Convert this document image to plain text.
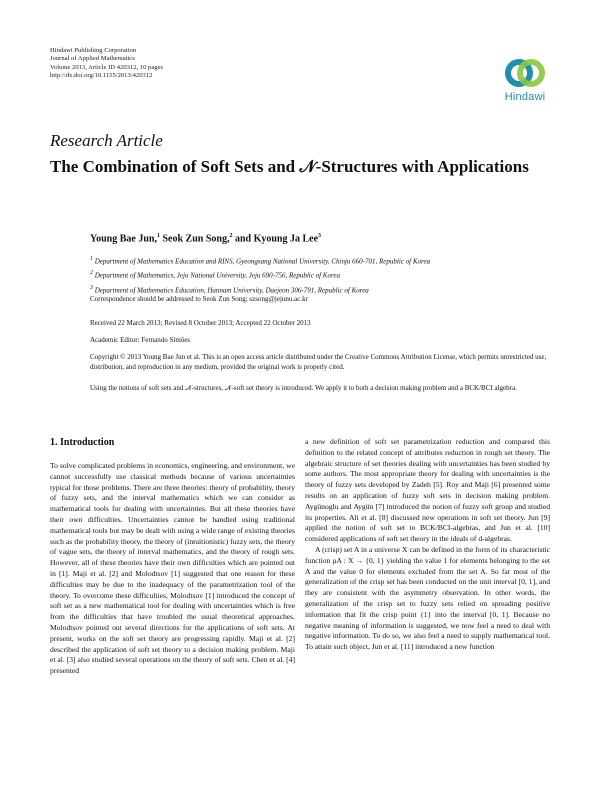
Hindawi Publishing Corporation
Journal of Applied Mathematics
Volume 2013, Article ID 420312, 10 pages
http://dx.doi.org/10.1155/2013/420312
Hindawi
Research Article
The Combination of Soft Sets and 𝒩-Structures with Applications
Young Bae Jun,$^1$ Seok Zun Song,$^2$ and Kyoung Ja Lee$^3$
$^1$ Department of Mathematics Education and RINS, Gyeongsang National University, Chinju 660-701, Republic of Korea
$^2$ Department of Mathematics, Jeju National University, Jeju 690-756, Republic of Korea
$^3$ Department of Mathematics Education, Hannam University, Daejeon 306-791, Republic of Korea
Correspondence should be addressed to Seok Zun Song; szsong@jejunu.ac.kr
Received 22 March 2013; Revised 8 October 2013; Accepted 22 October 2013
Academic Editor: Fernando Simões
Copyright © 2013 Young Bae Jun et al. This is an open access article distributed under the Creative Commons Attribution License, which permits unrestricted use, distribution, and reproduction in any medium, provided the original work is properly cited.
Using the notions of soft sets and 𝒩-structures, 𝒩-soft set theory is introduced. We apply it to both a decision making problem and a BCK/BCI algebra.
1. Introduction

To solve complicated problems in economics, engineering, and environment, we cannot successfully use classical methods because of various uncertainties typical for those problems. There are three theories: theory of probability, theory of fuzzy sets, and the interval mathematics which we can consider as mathematical tools for dealing with uncertainties. But all these theories have their own difficulties. Uncertainties cannot be handled using traditional mathematical tools but may be dealt with using a wide range of existing theories such as the probability theory, the theory of (intuitionistic) fuzzy sets, the theory of vague sets, the theory of interval mathematics, and the theory of rough sets. However, all of these theories have their own difficulties which are pointed out in [1]. Maji et al. [2] and Molodtsov [1] suggested that one reason for these difficulties may be due to the inadequacy of the parametrization tool of the theory. To overcome these difficulties, Molodtsov [1] introduced the concept of soft set as a new mathematical tool for dealing with uncertainties which is free from the difficulties that have troubled the usual theoretical approaches. Molodtsov pointed out several directions for the applications of soft sets. At present, works on the soft set theory are progressing rapidly. Maji et al. [2] described the application of soft set theory to a decision making problem. Maji et al. [3] also studied several operations on the theory of soft sets. Chen et al. [4] presented

a new definition of soft set parametrization reduction and compared this definition to the related concept of attributes reduction in rough set theory. The algebraic structure of set theories dealing with uncertainties has been studied by some authors. The most appropriate theory for dealing with uncertainties is the theory of fuzzy sets developed by Zadeh [5]. Roy and Maji [6] presented some results on an application of fuzzy soft sets in decision making problem. Aygünoglu and Aygün [7] introduced the notion of fuzzy soft group and studied its properties. Ali et al. [8] discussed new operations in soft set theory. Jun [9] applied the notion of soft set to BCK/BCI-algebras, and Jun et al. [10] considered applications of soft set theory in the ideals of d-algebras.

A (crisp) set A in a universe X can be defined in the form of its characteristic function μA : X → {0, 1} yielding the value 1 for elements belonging to the set A and the value 0 for elements excluded from the set A. So far most of the generalization of the crisp set has been conducted on the unit interval [0, 1], and they are consistent with the asymmetry observation. In other words, the generalization of the crisp set to fuzzy sets relied on spreading positive information that fit the crisp point {1} into the interval [0, 1]. Because no negative meaning of information is suggested, we now feel a need to deal with negative information. To do so, we also feel a need to supply mathematical tool. To attain such object, Jun et al. [11] introduced a new function
